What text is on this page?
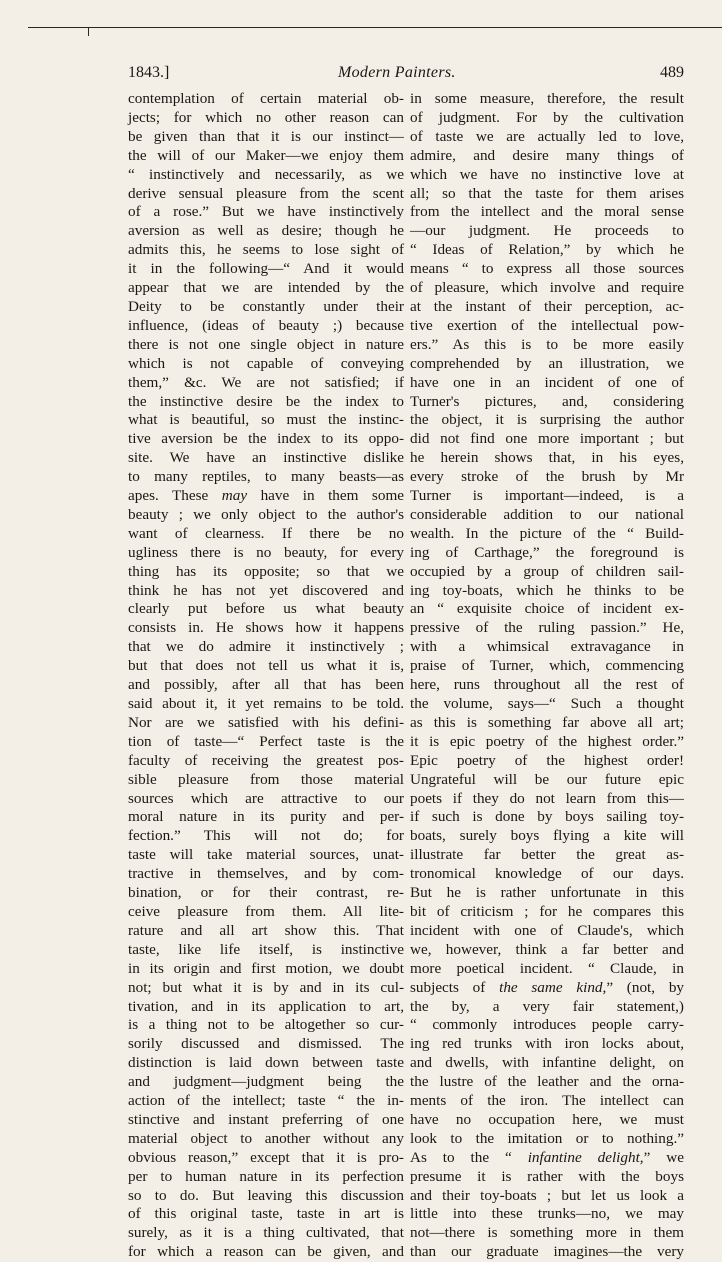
1843.]	Modern Painters.	489
contemplation of certain material ob-
jects; for which no other reason can
be given than that it is our instinct—
the will of our Maker—we enjoy them
“ instinctively and necessarily, as we
derive sensual pleasure from the scent
of a rose.” But we have instinctively
aversion as well as desire; though he
admits this, he seems to lose sight of
it in the following—“ And it would
appear that we are intended by the
Deity to be constantly under their
influence, (ideas of beauty ;) because
there is not one single object in nature
which is not capable of conveying
them,” &c. We are not satisfied; if
the instinctive desire be the index to
what is beautiful, so must the instinc-
tive aversion be the index to its oppo-
site. We have an instinctive dislike
to many reptiles, to many beasts—as
apes. These may have in them some
beauty ; we only object to the author's
want of clearness. If there be no
ugliness there is no beauty, for every
thing has its opposite; so that we
think he has not yet discovered and
clearly put before us what beauty
consists in. He shows how it happens
that we do admire it instinctively ;
but that does not tell us what it is,
and possibly, after all that has been
said about it, it yet remains to be told.
Nor are we satisfied with his defini-
tion of taste—“ Perfect taste is the
faculty of receiving the greatest pos-
sible pleasure from those material
sources which are attractive to our
moral nature in its purity and per-
fection.” This will not do; for
taste will take material sources, unat-
tractive in themselves, and by com-
bination, or for their contrast, re-
ceive pleasure from them. All lite-
rature and all art show this. That
taste, like life itself, is instinctive
in its origin and first motion, we doubt
not; but what it is by and in its cul-
tivation, and in its application to art,
is a thing not to be altogether so cur-
sorily discussed and dismissed. The
distinction is laid down between taste
and judgment—judgment being the
action of the intellect; taste “ the in-
stinctive and instant preferring of one
material object to another without any
obvious reason,” except that it is pro-
per to human nature in its perfection
so to do. But leaving this discussion
of this original taste, taste in art is
surely, as it is a thing cultivated, that
for which a reason can be given, and
in some measure, therefore, the result
of judgment. For by the cultivation
of taste we are actually led to love,
admire, and desire many things of
which we have no instinctive love at
all; so that the taste for them arises
from the intellect and the moral sense
—our judgment. He proceeds to
“ Ideas of Relation,” by which he
means “ to express all those sources
of pleasure, which involve and require
at the instant of their perception, ac-
tive exertion of the intellectual pow-
ers.” As this is to be more easily
comprehended by an illustration, we
have one in an incident of one of
Turner's pictures, and, considering
the object, it is surprising the author
did not find one more important ; but
he herein shows that, in his eyes,
every stroke of the brush by Mr
Turner is important—indeed, is a
considerable addition to our national
wealth. In the picture of the “ Build-
ing of Carthage,” the foreground is
occupied by a group of children sail-
ing toy-boats, which he thinks to be
an “ exquisite choice of incident ex-
pressive of the ruling passion.” He,
with a whimsical extravagance in
praise of Turner, which, commencing
here, runs throughout all the rest of
the volume, says—“ Such a thought
as this is something far above all art;
it is epic poetry of the highest order.”
Epic poetry of the highest order!
Ungrateful will be our future epic
poets if they do not learn from this—
if such is done by boys sailing toy-
boats, surely boys flying a kite will
illustrate far better the great as-
tronomical knowledge of our days.
But he is rather unfortunate in this
bit of criticism ; for he compares this
incident with one of Claude's, which
we, however, think a far better and
more poetical incident. “ Claude, in
subjects of the same kind,” (not, by
the by, a very fair statement,)
“ commonly introduces people carry-
ing red trunks with iron locks about,
and dwells, with infantine delight, on
the lustre of the leather and the orna-
ments of the iron. The intellect can
have no occupation here, we must
look to the imitation or to nothing.”
As to the “ infantine delight,” we
presume it is rather with the boys
and their toy-boats ; but let us look a
little into these trunks—no, we may
not—there is something more in them
than our graduate imagines—the very
